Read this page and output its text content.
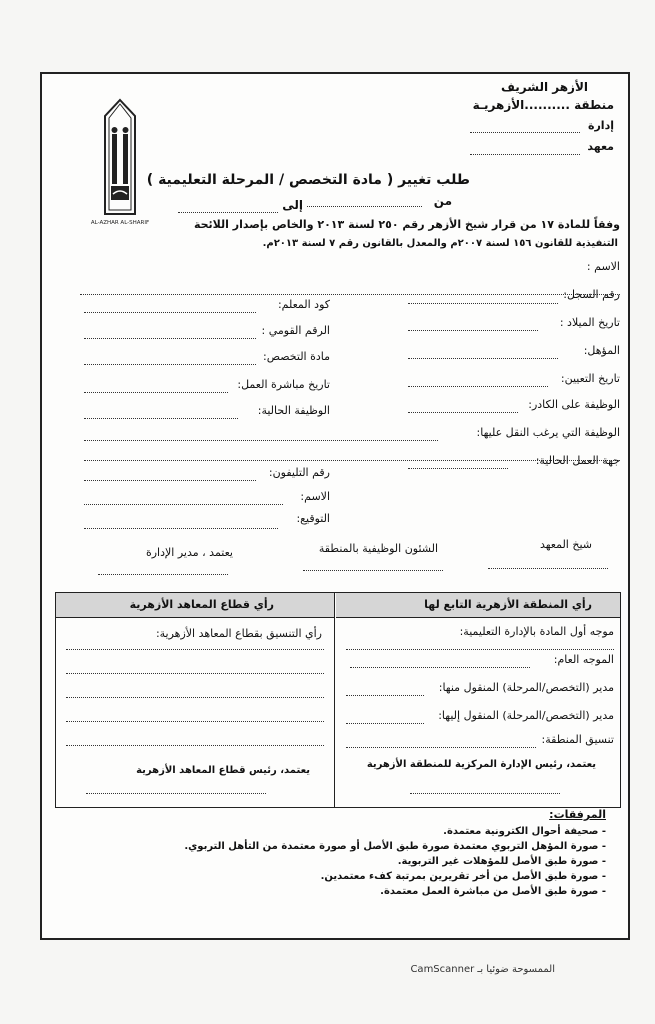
AL-AZHAR AL-SHARIF
الأزهر الشريف
منطقة ..........الأزهريـة
إدارة
معهد
طلب تغيير ( مادة التخصص / المرحلة التعليمية )
من
إلى
وفقاً للمادة ١٧ من قرار شيخ الأزهر رقم ٢٥٠ لسنة ٢٠١٣ والخاص بإصدار اللائحة
التنفيذية للقانون ١٥٦ لسنة ٢٠٠٧م والمعدل بالقانون رقم ٧ لسنة ٢٠١٣م.
الاسم :
رقم السجل:
كود المعلم:
تاريخ الميلاد :
الرقم القومي :
المؤهل:
مادة التخصص:
تاريخ التعيين:
تاريخ مباشرة العمل:
الوظيفة على الكادر:
الوظيفة الحالية:
الوظيفة التي يرغب النقل عليها:
جهة العمل الحالية:
رقم التليفون:
الاسم:
التوقيع:
شيخ المعهد
الشئون الوظيفية بالمنطقة
يعتمد ، مدير الإدارة
رأي المنطقة الأزهرية التابع لها
رأي قطاع المعاهد الأزهرية
موجه أول المادة بالإدارة التعليمية:
الموجه العام:
مدير (التخصص/المرحلة) المنقول منها:
مدير (التخصص/المرحلة) المنقول إليها:
تنسيق المنطقة:
يعتمد، رئيس الإدارة المركزية للمنطقة الأزهرية
رأي التنسيق بقطاع المعاهد الأزهرية:
يعتمد، رئيس قطاع المعاهد الأزهرية
المرفقات:
- صحيفة أحوال الكترونية معتمدة.
- صورة المؤهل التربوي معتمدة صورة طبق الأصل أو صورة معتمدة من التأهل التربوي.
- صورة طبق الأصل للمؤهلات غير التربوية.
- صورة طبق الأصل من أخر تقريرين بمرتبة كفء معتمدين.
- صورة طبق الأصل من مباشرة العمل معتمدة.
الممسوحة ضوئيا بـ CamScanner
